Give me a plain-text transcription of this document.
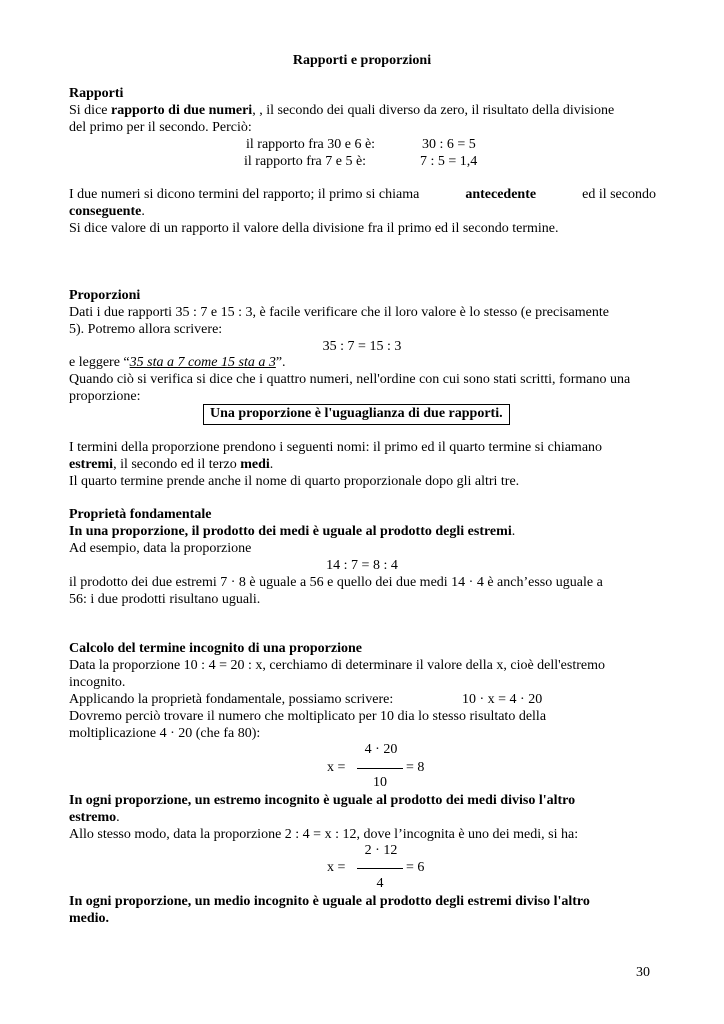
Rapporti e proporzioni
Rapporti
Si dice rapporto di due numeri, , il secondo dei quali diverso da zero, il risultato della divisione
del primo per il secondo. Perciò:
il rapporto fra 30 e 6 è:	30 : 6 = 5
il rapporto fra 7 e 5 è:	7 : 5 = 1,4
I due numeri si dicono termini del rapporto; il primo si chiama	antecedente	ed il secondo
conseguente.
Si dice valore di un rapporto il valore della divisione fra il primo ed il secondo termine.
Proporzioni
Dati i due rapporti 35 : 7 e 15 : 3, è facile verificare che il loro valore è lo stesso (e precisamente
5). Potremo allora scrivere:
35 : 7 = 15 : 3
e leggere “35 sta a 7 come 15 sta a 3”.
Quando ciò si verifica si dice che i quattro numeri, nell'ordine con cui sono stati scritti, formano una
proporzione:
Una proporzione è l'uguaglianza di due rapporti.
I termini della proporzione prendono i seguenti nomi: il primo ed il quarto termine si chiamano
estremi, il secondo ed il terzo medi.
Il quarto termine prende anche il nome di quarto proporzionale dopo gli altri tre.
Proprietà fondamentale
In una proporzione, il prodotto dei medi è uguale al prodotto degli estremi.
Ad esempio, data la proporzione
14 : 7 = 8 : 4
il prodotto dei due estremi 7 · 8 è uguale a 56 e quello dei due medi 14 · 4 è anch’esso uguale a
56: i due prodotti risultano uguali.
Calcolo del termine incognito di una proporzione
Data la proporzione 10 : 4 = 20 : x, cerchiamo di determinare il valore della x, cioè dell'estremo
incognito.
Applicando la proprietà fondamentale, possiamo scrivere:	10 · x = 4 · 20
Dovremo perciò trovare il numero che moltiplicato per 10 dia lo stesso risultato della
moltiplicazione 4 · 20 (che fa 80):
4 · 20
x =	= 8
10
In ogni proporzione, un estremo incognito è uguale al prodotto dei medi diviso l'altro
estremo.
Allo stesso modo, data la proporzione 2 : 4 = x : 12, dove l’incognita è uno dei medi, si ha:
2 · 12
x =	= 6
4
In ogni proporzione, un medio incognito è uguale al prodotto degli estremi diviso l'altro
medio.
30
